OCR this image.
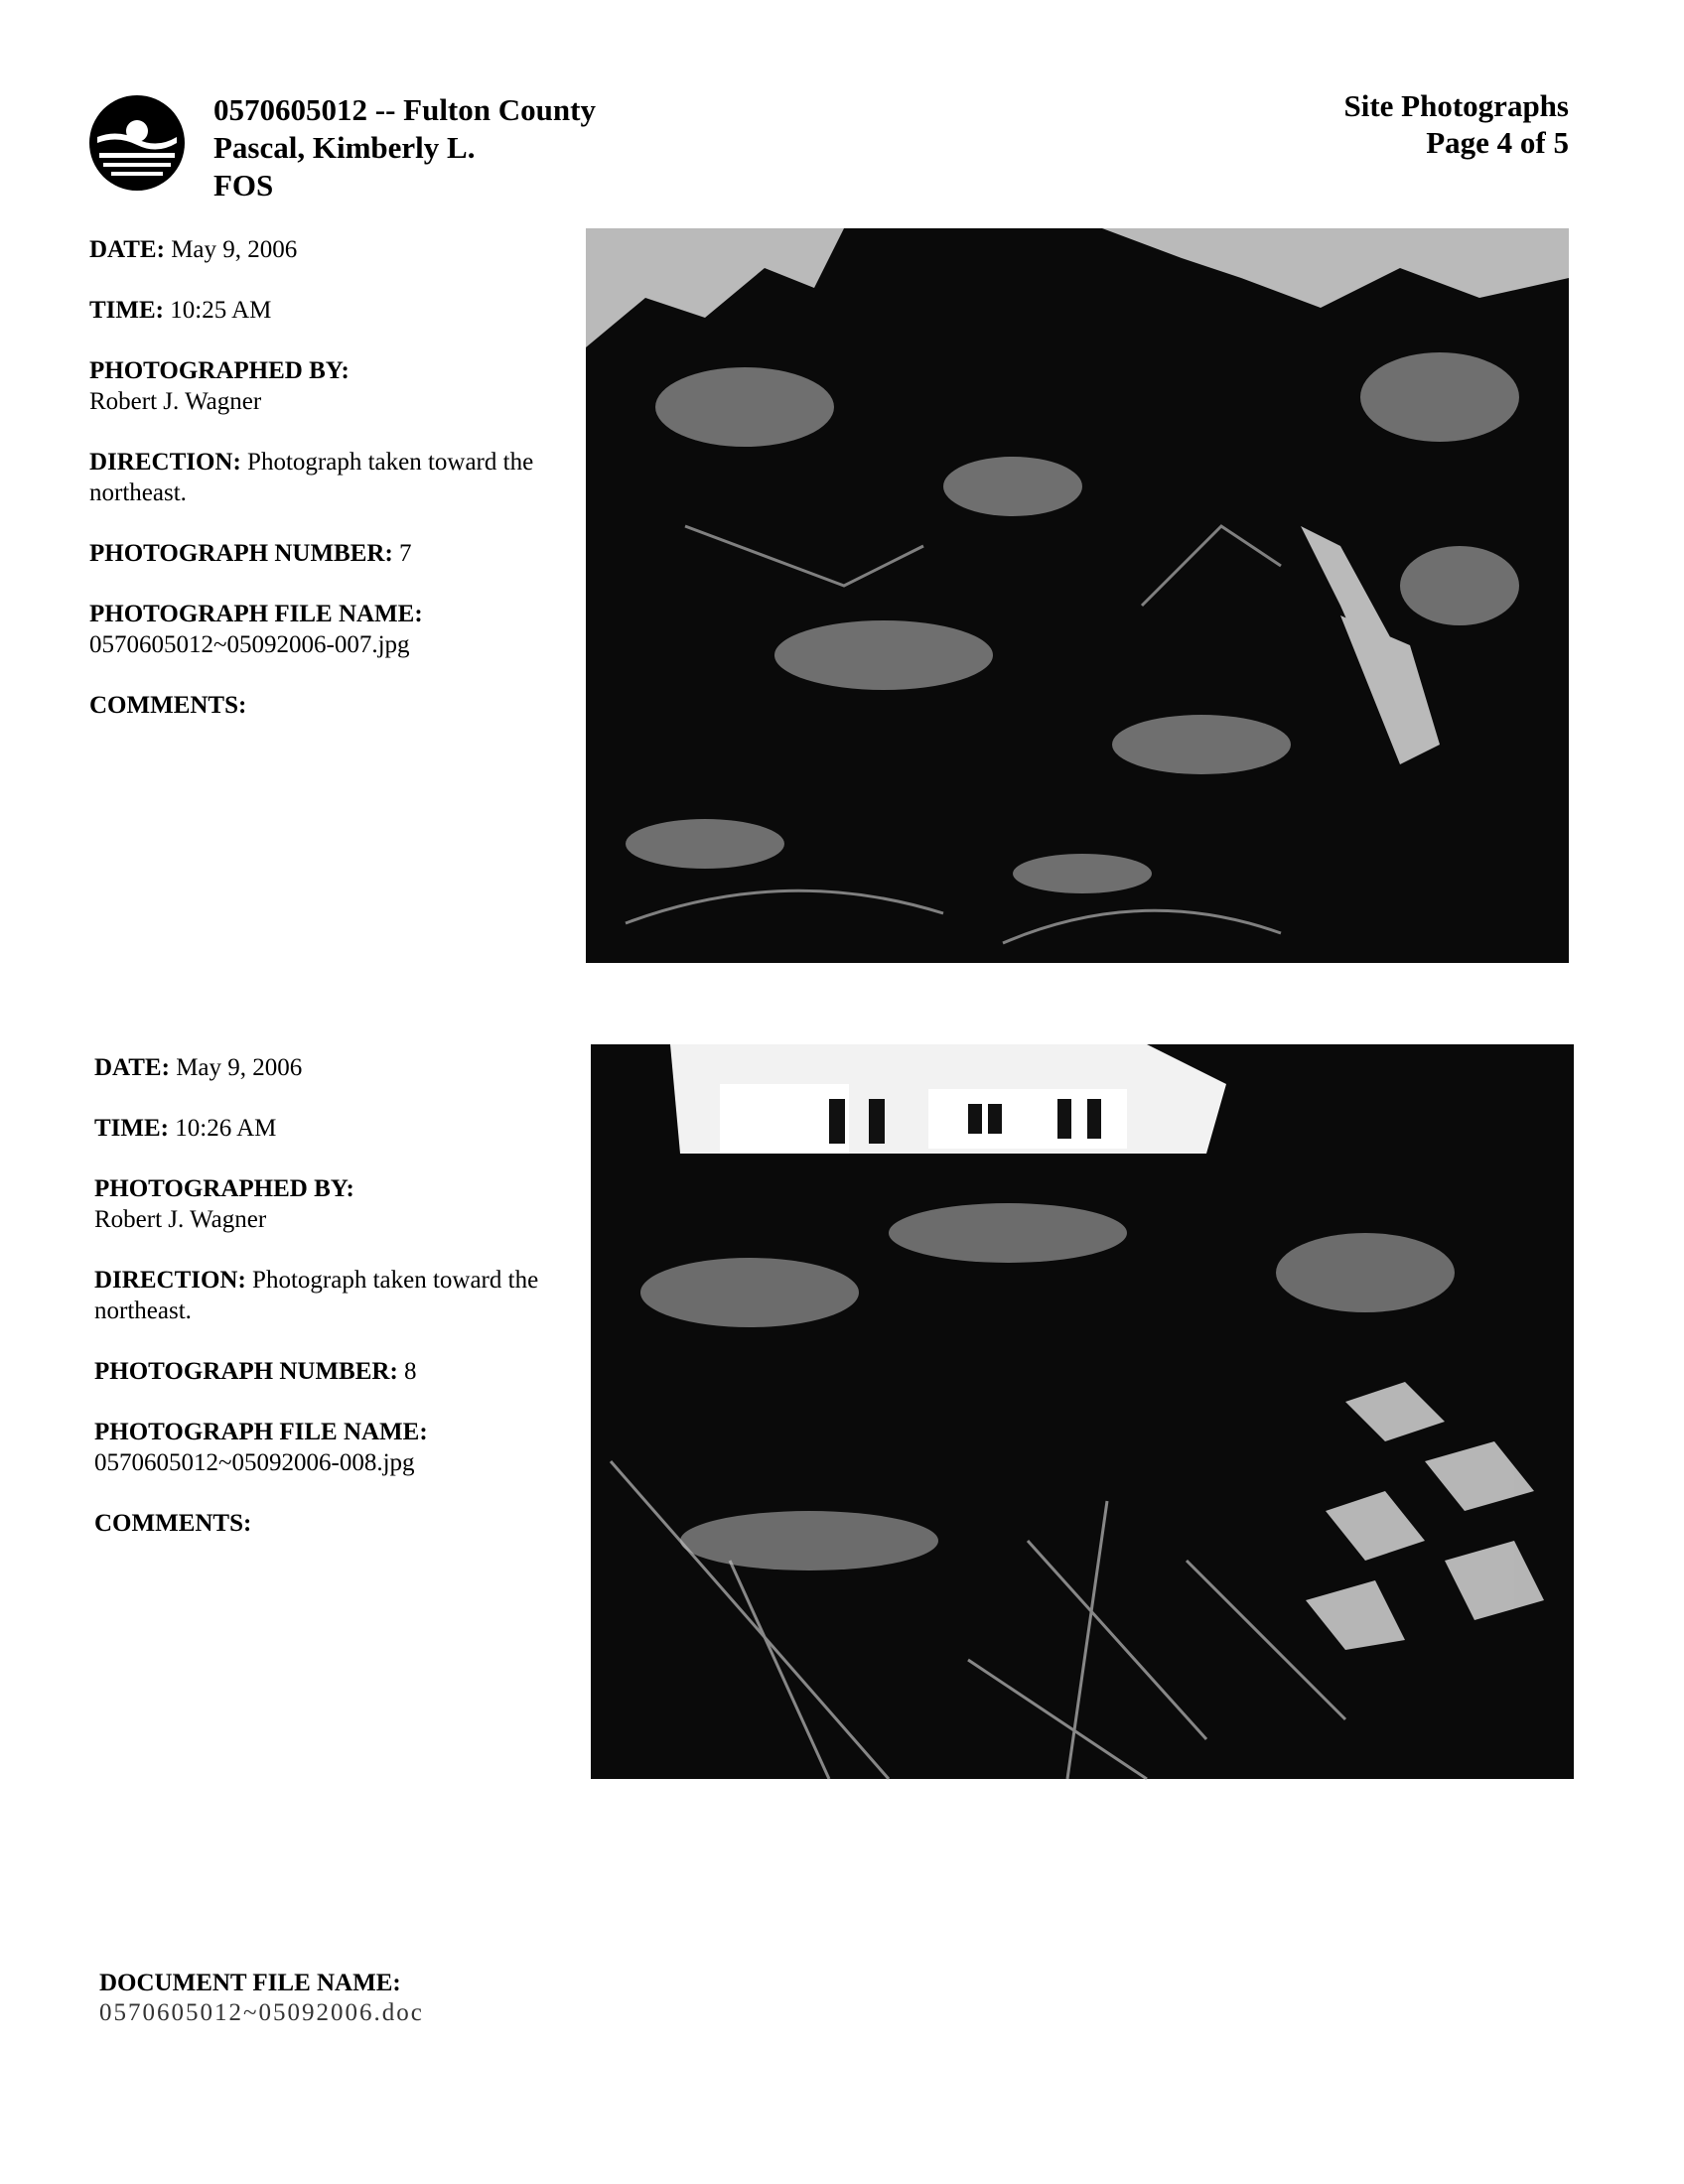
0570605012 -- Fulton County
Pascal, Kimberly L.
FOS
Site Photographs
Page 4 of 5
DATE: May 9, 2006
TIME: 10:25 AM
PHOTOGRAPHED BY:
Robert J. Wagner
DIRECTION: Photograph taken toward the northeast.
PHOTOGRAPH NUMBER: 7
PHOTOGRAPH FILE NAME:
0570605012~05092006-007.jpg
COMMENTS:
DATE: May 9, 2006
TIME: 10:26 AM
PHOTOGRAPHED BY:
Robert J. Wagner
DIRECTION: Photograph taken toward the northeast.
PHOTOGRAPH NUMBER: 8
PHOTOGRAPH FILE NAME:
0570605012~05092006-008.jpg
COMMENTS:
DOCUMENT FILE NAME:
0570605012~05092006.doc
